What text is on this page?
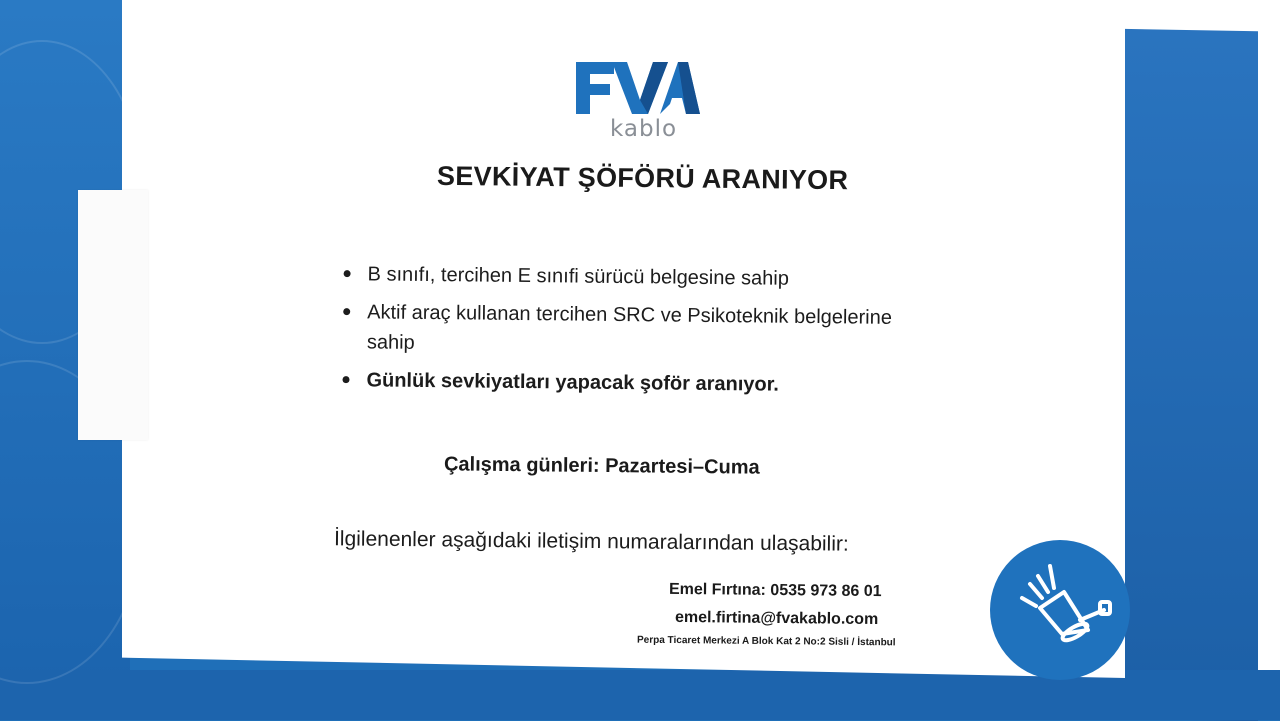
kablo
SEVKİYAT ŞÖFÖRÜ ARANIYOR
B sınıfı, tercihen E sınıfi sürücü belgesine sahip
Aktif araç kullanan tercihen SRC ve Psikoteknik belgelerine sahip
Günlük sevkiyatları yapacak şoför aranıyor.
Çalışma günleri: Pazartesi–Cuma
İlgilenenler aşağıdaki iletişim numaralarından ulaşabilir:
Emel Fırtına: 0535 973 86 01
emel.firtina@fvakablo.com
Perpa Ticaret Merkezi A Blok Kat 2 No:2 Sisli / İstanbul
